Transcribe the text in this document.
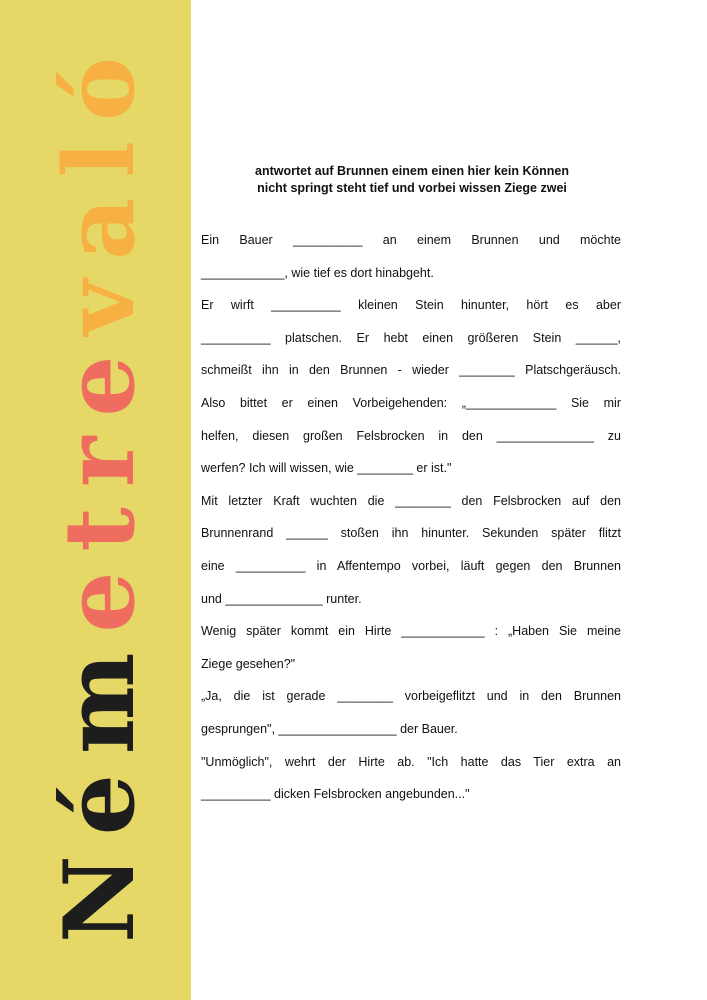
Németrevaló
antwortet auf Brunnen einem einen hier kein Können
nicht springt steht tief und vorbei wissen Ziege zwei
Ein Bauer __________ an einem Brunnen und möchte
____________, wie tief es dort hinabgeht.
Er wirft __________ kleinen Stein hinunter, hört es aber
__________ platschen. Er hebt einen größeren Stein ______,
schmeißt ihn in den Brunnen - wieder ________ Platschgeräusch.
Also bittet er einen Vorbeigehenden: „_____________ Sie mir
helfen, diesen großen Felsbrocken in den ______________ zu
werfen? Ich will wissen, wie ________ er ist."
Mit letzter Kraft wuchten die ________ den Felsbrocken auf den
Brunnenrand ______ stoßen ihn hinunter. Sekunden später flitzt
eine __________ in Affentempo vorbei, läuft gegen den Brunnen
und ______________ runter.
Wenig später kommt ein Hirte ____________ : „Haben Sie meine
Ziege gesehen?"
„Ja, die ist gerade ________ vorbeigeflitzt und in den Brunnen
gesprungen", _________________ der Bauer.
"Unmöglich", wehrt der Hirte ab. "Ich hatte das Tier extra an
__________ dicken Felsbrocken angebunden..."
